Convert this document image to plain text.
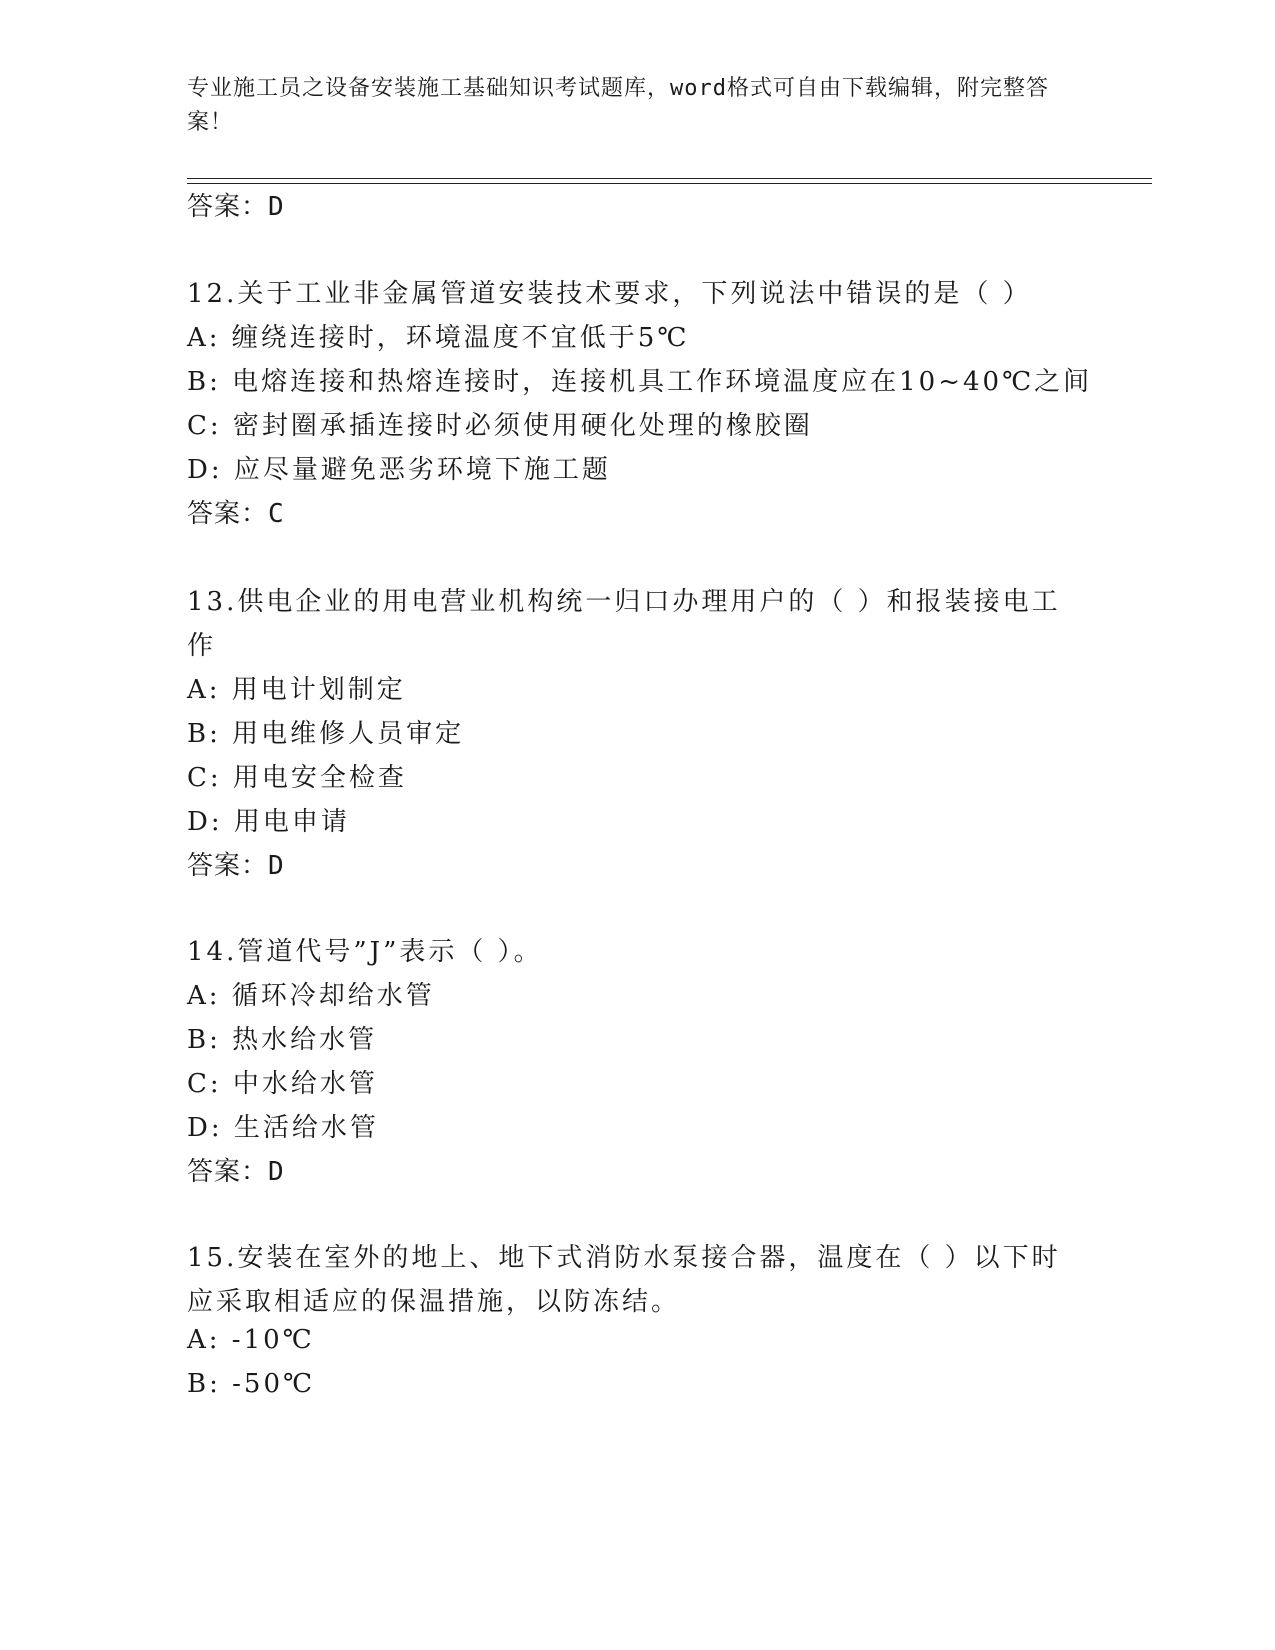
专业施工员之设备安装施工基础知识考试题库，word格式可自由下载编辑，附完整答案！
答案：D
12.关于工业非金属管道安装技术要求，下列说法中错误的是（ ）
A: 缠绕连接时，环境温度不宜低于5℃
B: 电熔连接和热熔连接时，连接机具工作环境温度应在10~40℃之间
C: 密封圈承插连接时必须使用硬化处理的橡胶圈
D: 应尽量避免恶劣环境下施工题
答案：C
13.供电企业的用电营业机构统一归口办理用户的（ ）和报装接电工
作
A: 用电计划制定
B: 用电维修人员审定
C: 用电安全检查
D: 用电申请
答案：D
14.管道代号”J”表示（ ）。
A: 循环冷却给水管
B: 热水给水管
C: 中水给水管
D: 生活给水管
答案：D
15.安装在室外的地上、地下式消防水泵接合器，温度在（ ）以下时
应采取相适应的保温措施，以防冻结。
A: -10℃
B: -50℃
